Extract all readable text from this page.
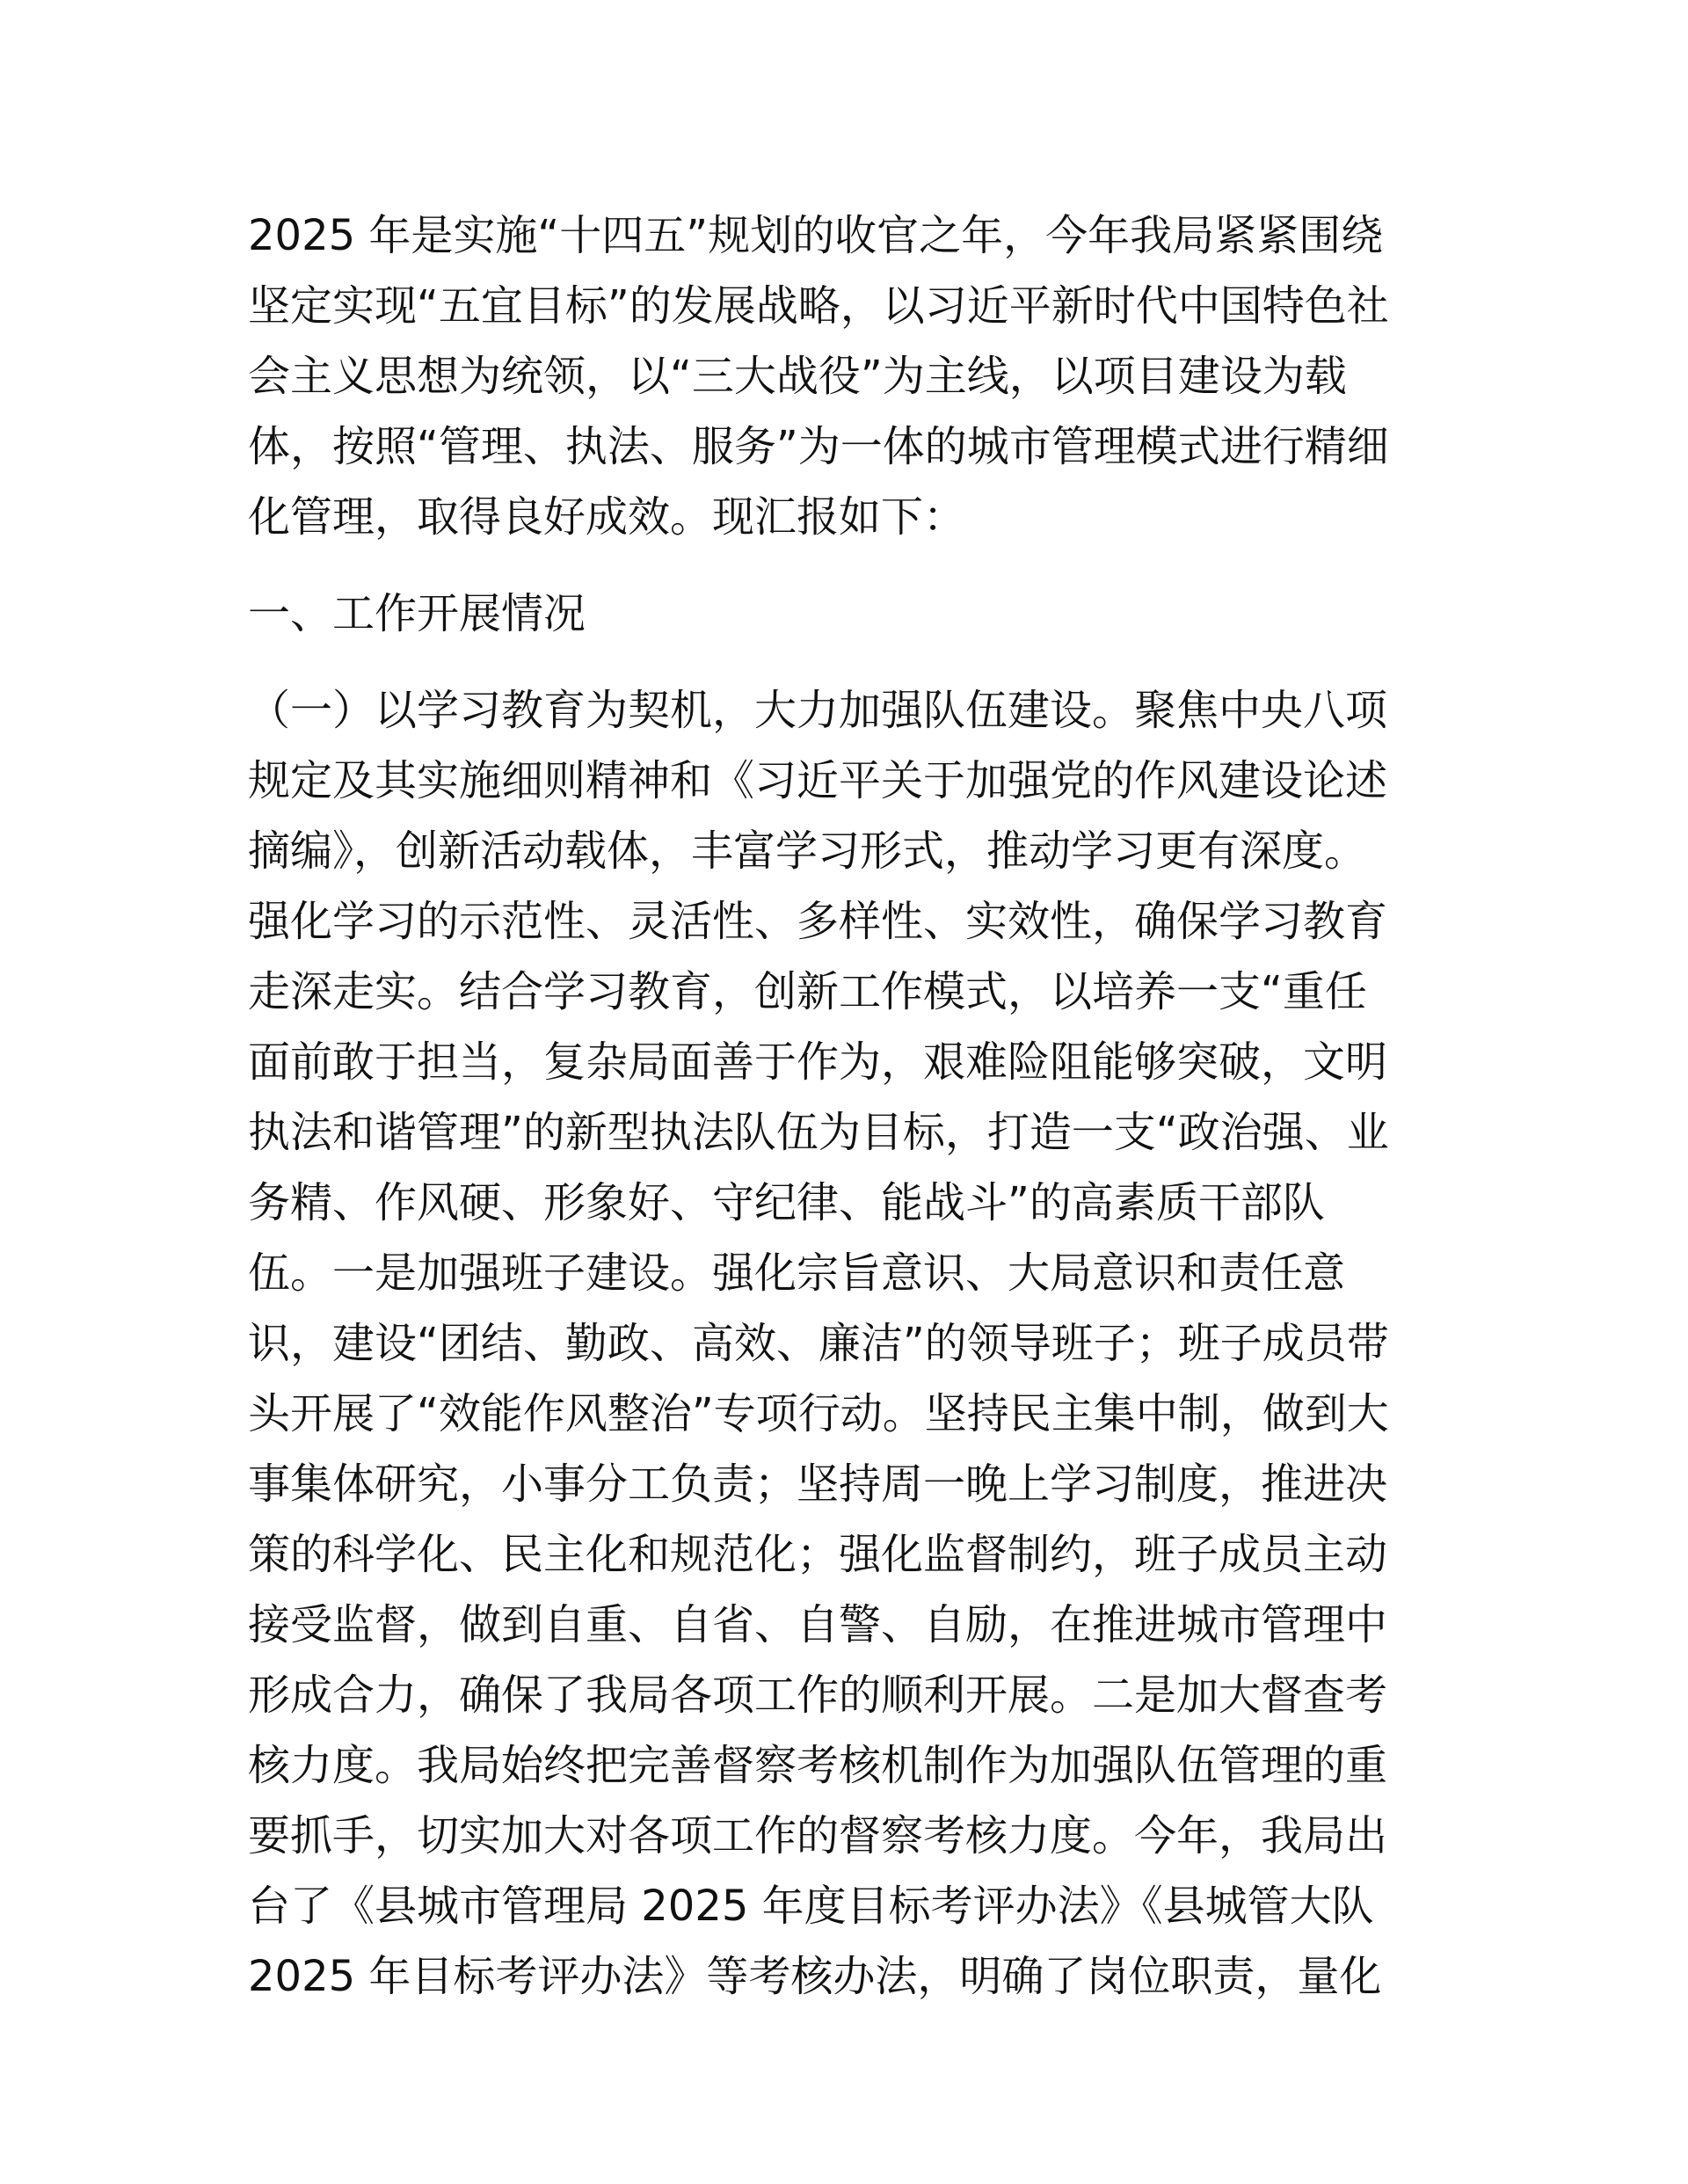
2025 年是实施“十四五”规划的收官之年，今年我局紧紧围绕
坚定实现“五宜目标”的发展战略，以习近平新时代中国特色社
会主义思想为统领，以“三大战役”为主线，以项目建设为载
体，按照“管理、执法、服务”为一体的城市管理模式进行精细
化管理，取得良好成效。现汇报如下：
一、工作开展情况
（一）以学习教育为契机，大力加强队伍建设。聚焦中央八项
规定及其实施细则精神和《习近平关于加强党的作风建设论述
摘编》，创新活动载体，丰富学习形式，推动学习更有深度。
强化学习的示范性、灵活性、多样性、实效性，确保学习教育
走深走实。结合学习教育，创新工作模式，以培养一支“重任
面前敢于担当，复杂局面善于作为，艰难险阻能够突破，文明
执法和谐管理”的新型执法队伍为目标，打造一支“政治强、业
务精、作风硬、形象好、守纪律、能战斗”的高素质干部队
伍。一是加强班子建设。强化宗旨意识、大局意识和责任意
识，建设“团结、勤政、高效、廉洁”的领导班子；班子成员带
头开展了“效能作风整治”专项行动。坚持民主集中制，做到大
事集体研究，小事分工负责；坚持周一晚上学习制度，推进决
策的科学化、民主化和规范化；强化监督制约，班子成员主动
接受监督，做到自重、自省、自警、自励，在推进城市管理中
形成合力，确保了我局各项工作的顺利开展。二是加大督查考
核力度。我局始终把完善督察考核机制作为加强队伍管理的重
要抓手，切实加大对各项工作的督察考核力度。今年，我局出
台了《县城市管理局 2025 年度目标考评办法》《县城管大队
2025 年目标考评办法》等考核办法，明确了岗位职责，量化
